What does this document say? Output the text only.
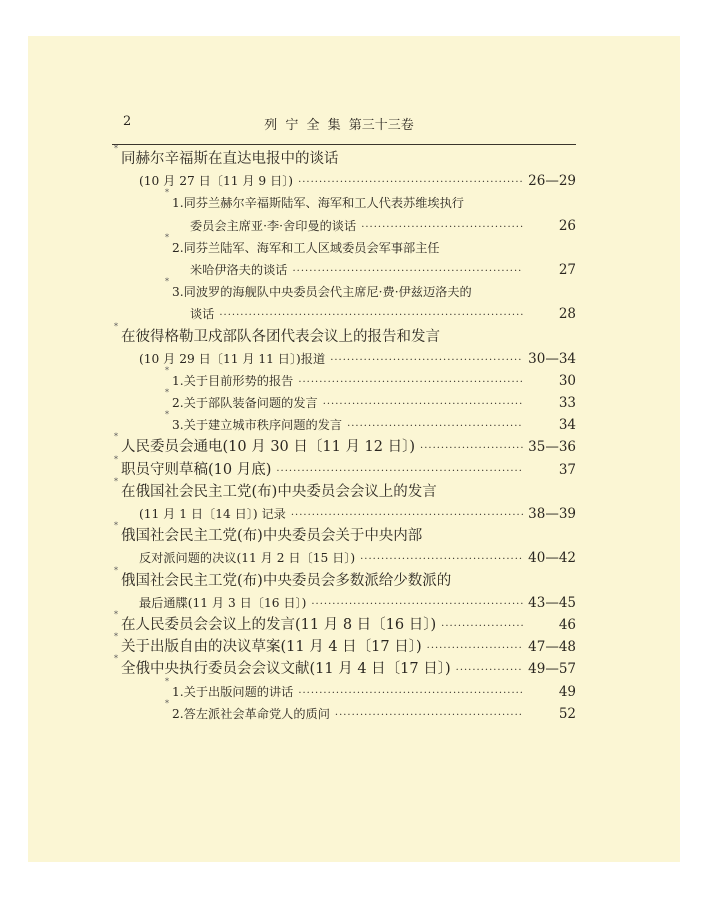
2	列 宁 全 集 第三十三卷
*
同赫尔辛福斯在直达电报中的谈话
(10 月 27 日〔11 月 9 日〕) ·····	26—29
*
1.同芬兰赫尔辛福斯陆军、海军和工人代表苏维埃执行
委员会主席亚·李·舍印曼的谈话 ·····	26
*
2.同芬兰陆军、海军和工人区域委员会军事部主任
米哈伊洛夫的谈话 ·····	27
*
3.同波罗的海舰队中央委员会代主席尼·费·伊兹迈洛夫的
谈话 ·····	28
*
在彼得格勒卫戍部队各团代表会议上的报告和发言
(10 月 29 日〔11 月 11 日〕)报道 ·····	30—34
*
1.关于目前形势的报告 ·····	30
*
2.关于部队装备问题的发言 ·····	33
*
3.关于建立城市秩序问题的发言 ·····	34
*
人民委员会通电(10 月 30 日〔11 月 12 日〕) ·····	35—36
*
职员守则草稿(10 月底) ·····	37
*
在俄国社会民主工党(布)中央委员会会议上的发言
(11 月 1 日〔14 日〕) 记录 ·····	38—39
*
俄国社会民主工党(布)中央委员会关于中央内部
反对派问题的决议(11 月 2 日〔15 日〕) ·····	40—42
*
俄国社会民主工党(布)中央委员会多数派给少数派的
最后通牒(11 月 3 日〔16 日〕) ·····	43—45
*
在人民委员会会议上的发言(11 月 8 日〔16 日〕) ·····	46
*
关于出版自由的决议草案(11 月 4 日〔17 日〕) ·····	47—48
*
全俄中央执行委员会会议文献(11 月 4 日〔17 日〕) ·····	49—57
*
1.关于出版问题的讲话 ·····	49
*
2.答左派社会革命党人的质问 ·····	52
